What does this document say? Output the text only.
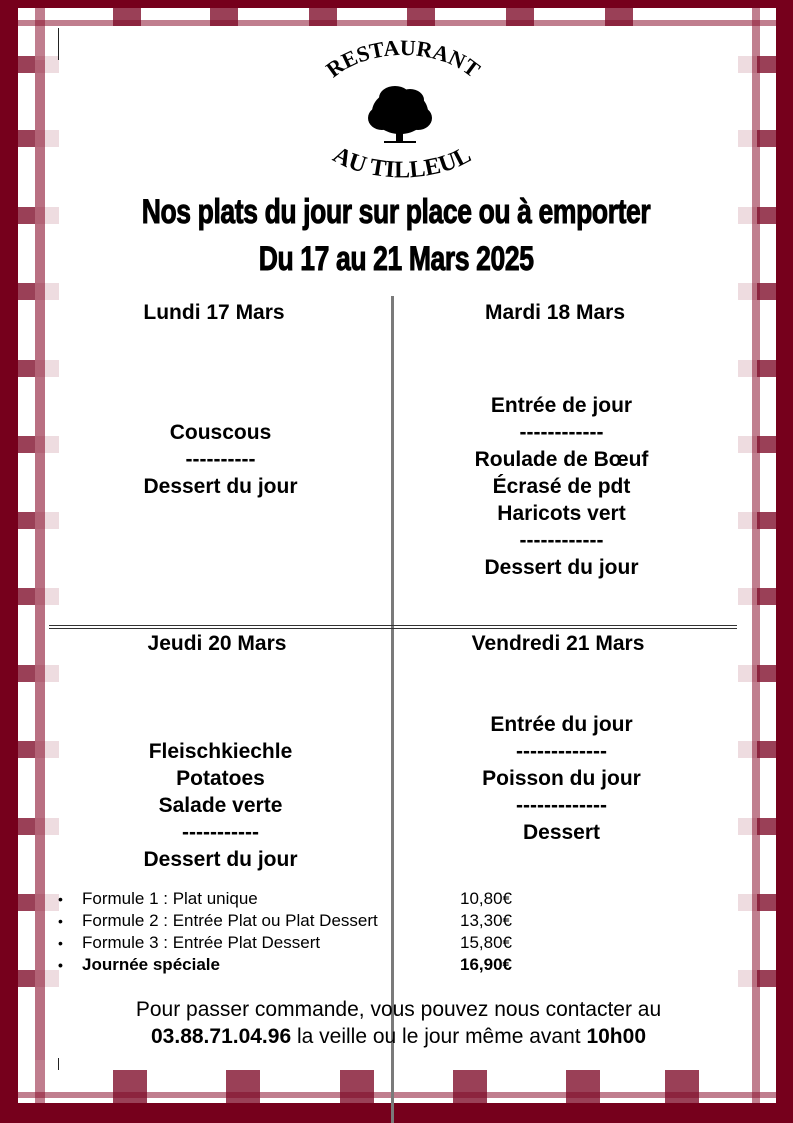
RESTAURANT
AU TILLEUL
Nos plats du jour sur place ou à emporter
Du 17 au 21 Mars 2025
Lundi 17 Mars
Couscous
----------
Dessert du jour
Mardi 18 Mars
Entrée de jour
------------
Roulade de Bœuf
Écrasé de pdt
Haricots vert
------------
Dessert du jour
Jeudi 20 Mars
Fleischkiechle
Potatoes
Salade verte
-----------
Dessert du jour
Vendredi 21 Mars
Entrée du jour
-------------
Poisson du jour
-------------
Dessert
•	Formule 1 : Plat unique	10,80€
•	Formule 2 : Entrée Plat ou Plat Dessert	13,30€
•	Formule 3 : Entrée Plat Dessert	15,80€
•	Journée spéciale	16,90€
Pour passer commande, vous pouvez nous contacter au
03.88.71.04.96 la veille ou le jour même avant 10h00
